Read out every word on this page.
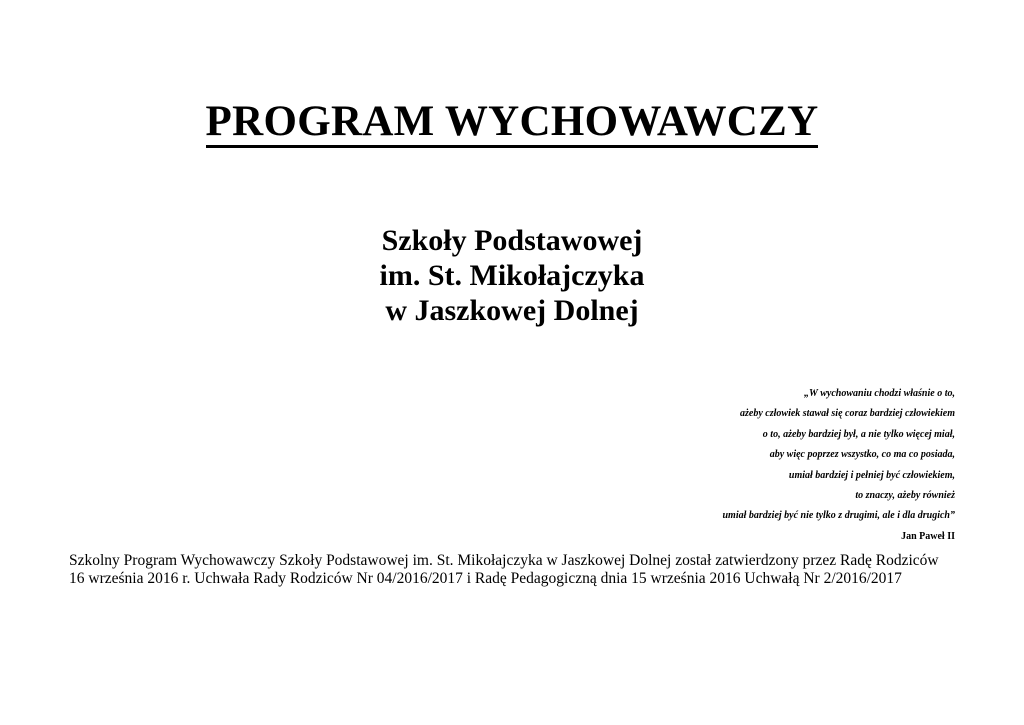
PROGRAM WYCHOWAWCZY
Szkoły Podstawowej
im. St. Mikołajczyka
w Jaszkowej Dolnej
„W wychowaniu chodzi właśnie o to,
ażeby człowiek stawał się coraz bardziej człowiekiem
o to, ażeby bardziej był, a nie tylko więcej miał,
aby więc poprzez wszystko, co ma co posiada,
umiał bardziej i pełniej być człowiekiem,
to znaczy, ażeby również
umiał bardziej być nie tylko z drugimi, ale i dla drugich”
Jan Paweł II
Szkolny Program Wychowawczy Szkoły Podstawowej im. St. Mikołajczyka w Jaszkowej Dolnej został zatwierdzony przez Radę Rodziców 16 września 2016 r. Uchwała Rady Rodziców Nr 04/2016/2017 i Radę Pedagogiczną dnia 15 września 2016 Uchwałą Nr 2/2016/2017
